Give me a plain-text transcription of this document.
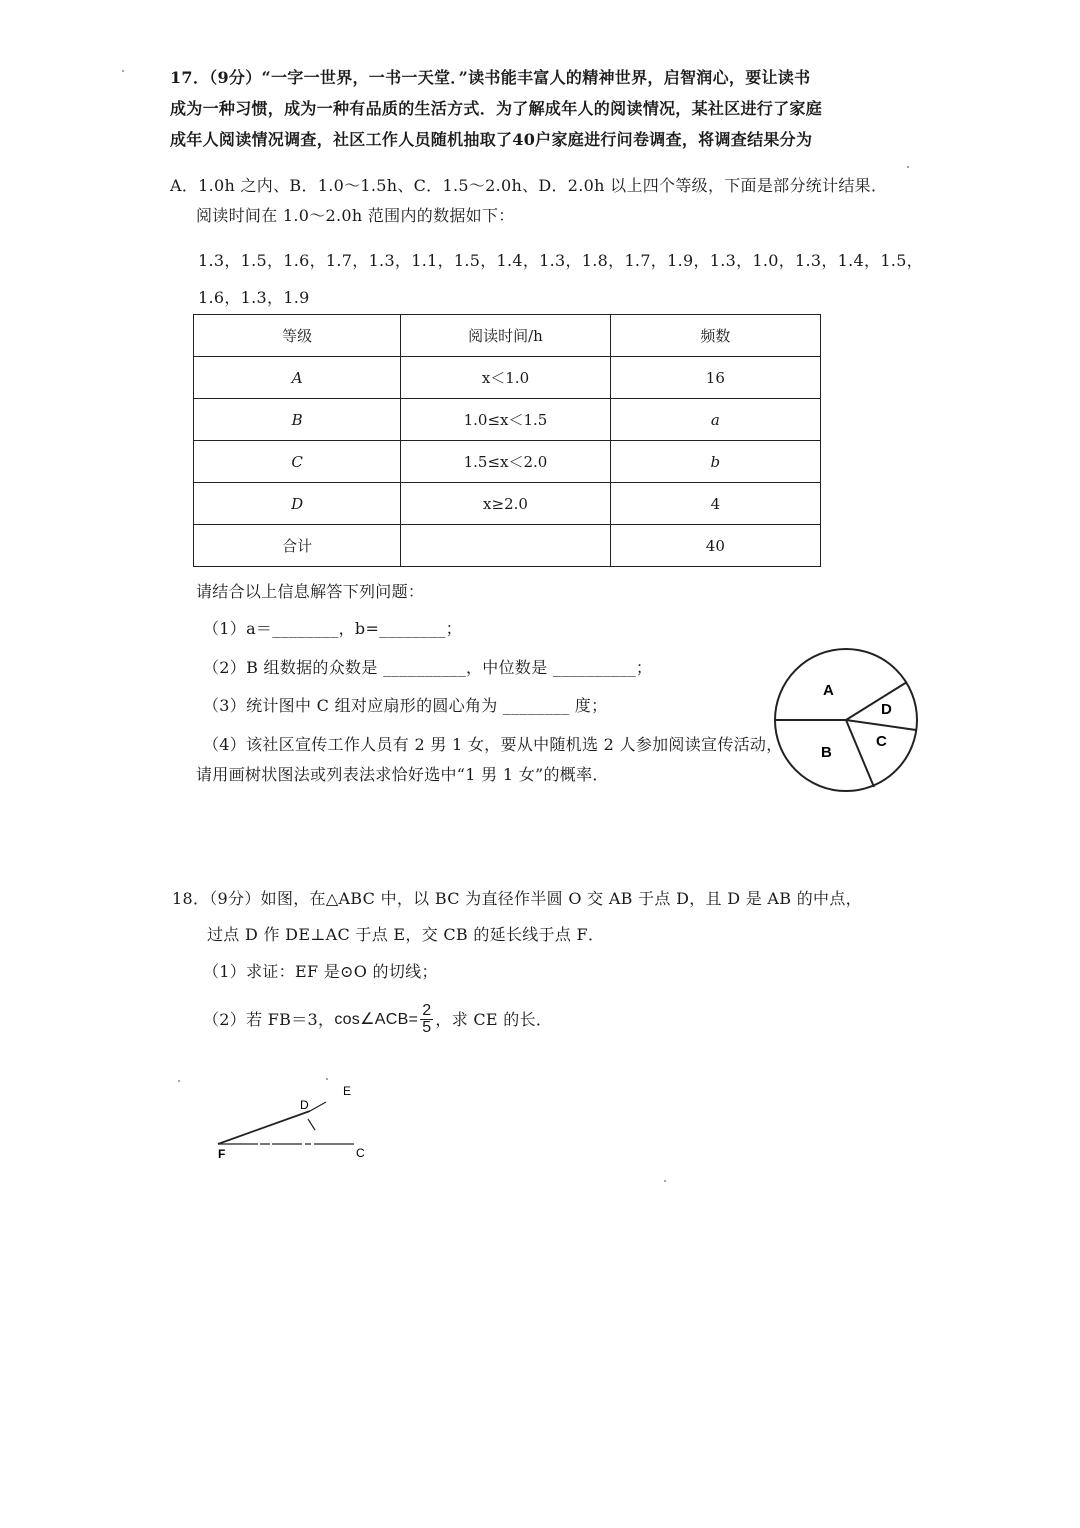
17．（9分）“一字一世界，一书一天堂．”读书能丰富人的精神世界，启智润心，要让读书
成为一种习惯，成为一种有品质的生活方式．为了解成年人的阅读情况，某社区进行了家庭
成年人阅读情况调查，社区工作人员随机抽取了40户家庭进行问卷调查，将调查结果分为
A．1.0h 之内、B．1.0～1.5h、C．1.5～2.0h、D．2.0h 以上四个等级，下面是部分统计结果．
阅读时间在 1.0～2.0h 范围内的数据如下：
1.3，1.5，1.6，1.7，1.3，1.1，1.5，1.4，1.3，1.8，1.7，1.9，1.3，1.0，1.3，1.4，1.5，
1.6，1.3，1.9
等级	阅读时间/h	频数
A	x＜1.0	16
B	1.0≤x＜1.5	a
C	1.5≤x＜2.0	b
D	x≥2.0	4
合计		40
请结合以上信息解答下列问题：
（1）a＝________，b=________；
（2）B 组数据的众数是 __________，中位数是 __________；
（3）统计图中 C 组对应扇形的圆心角为 ________ 度；
（4）该社区宣传工作人员有 2 男 1 女，要从中随机选 2 人参加阅读宣传活动，
请用画树状图法或列表法求恰好选中“1 男 1 女”的概率．
A
D
C
B
18．（9分）如图，在△ABC 中，以 BC 为直径作半圆 O 交 AB 于点 D，且 D 是 AB 的中点，
过点 D 作 DE⊥AC 于点 E，交 CB 的延长线于点 F．
（1）求证：EF 是⊙O 的切线；
（2）若 FB＝3， cos∠ACB= $\frac{2}{5}$ ，求 CE 的长．
E
D
F	C
